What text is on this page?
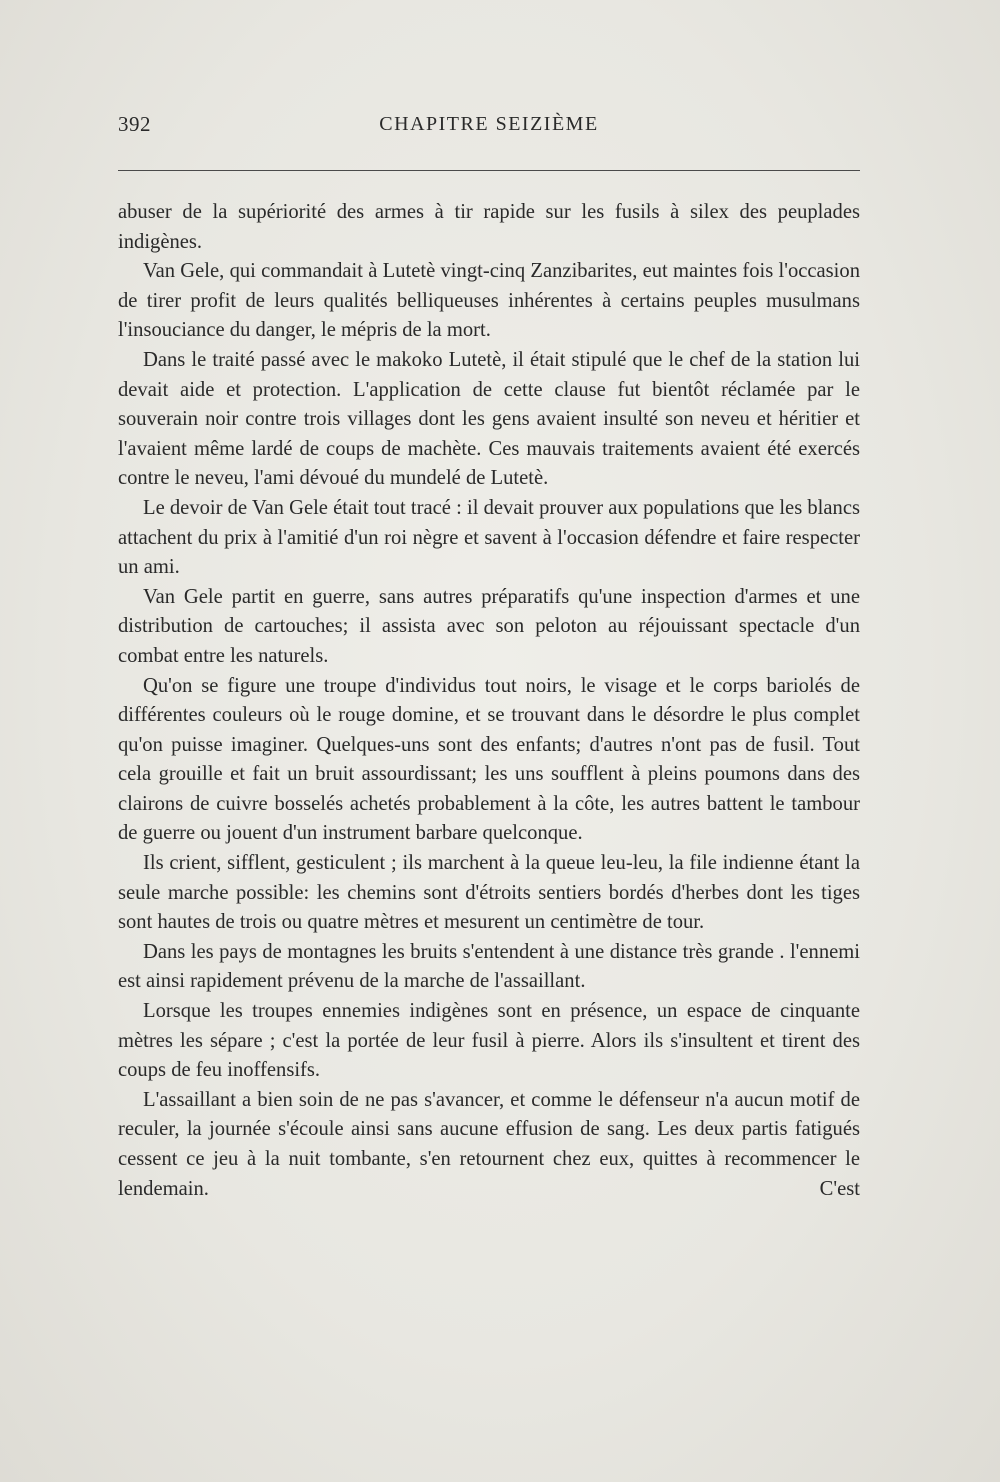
392	CHAPITRE SEIZIÈME

abuser de la supériorité des armes à tir rapide sur les fusils à silex des peuplades indigènes.

Van Gele, qui commandait à Lutetè vingt-cinq Zanzibarites, eut maintes fois l'occasion de tirer profit de leurs qualités belliqueuses inhérentes à certains peuples musulmans l'insouciance du danger, le mépris de la mort.

Dans le traité passé avec le makoko Lutetè, il était stipulé que le chef de la station lui devait aide et protection. L'application de cette clause fut bientôt réclamée par le souverain noir contre trois villages dont les gens avaient insulté son neveu et héritier et l'avaient même lardé de coups de machète. Ces mauvais traitements avaient été exercés contre le neveu, l'ami dévoué du mundelé de Lutetè.

Le devoir de Van Gele était tout tracé : il devait prouver aux populations que les blancs attachent du prix à l'amitié d'un roi nègre et savent à l'occasion défendre et faire respecter un ami.

Van Gele partit en guerre, sans autres préparatifs qu'une inspection d'armes et une distribution de cartouches; il assista avec son peloton au réjouissant spectacle d'un combat entre les naturels.

Qu'on se figure une troupe d'individus tout noirs, le visage et le corps bariolés de différentes couleurs où le rouge domine, et se trouvant dans le désordre le plus complet qu'on puisse imaginer. Quelques-uns sont des enfants; d'autres n'ont pas de fusil. Tout cela grouille et fait un bruit assourdissant; les uns soufflent à pleins poumons dans des clairons de cuivre bosselés achetés probablement à la côte, les autres battent le tambour de guerre ou jouent d'un instrument barbare quelconque.

Ils crient, sifflent, gesticulent ; ils marchent à la queue leu-leu, la file indienne étant la seule marche possible: les chemins sont d'étroits sentiers bordés d'herbes dont les tiges sont hautes de trois ou quatre mètres et mesurent un centimètre de tour.

Dans les pays de montagnes les bruits s'entendent à une distance très grande . l'ennemi est ainsi rapidement prévenu de la marche de l'assaillant.

Lorsque les troupes ennemies indigènes sont en présence, un espace de cinquante mètres les sépare ; c'est la portée de leur fusil à pierre. Alors ils s'insultent et tirent des coups de feu inoffensifs.

L'assaillant a bien soin de ne pas s'avancer, et comme le défenseur n'a aucun motif de reculer, la journée s'écoule ainsi sans aucune effusion de sang. Les deux partis fatigués cessent ce jeu à la nuit tombante, s'en retournent chez eux, quittes à recommencer le lendemain. C'est
